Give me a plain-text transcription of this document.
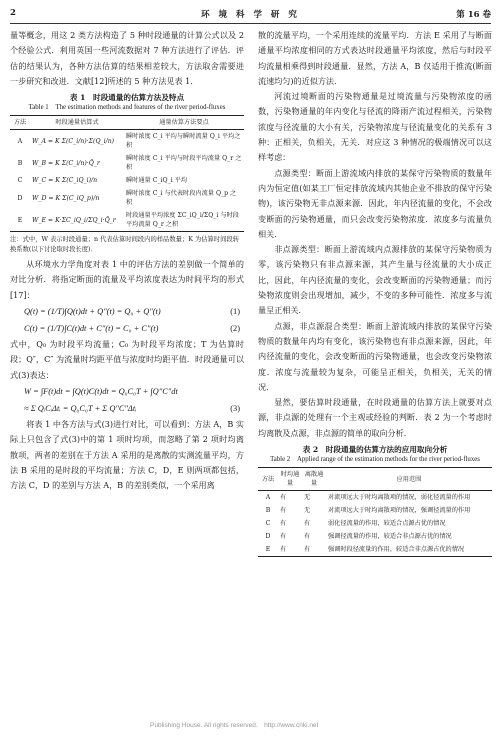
2	环 境 科 学 研 究	第 16 卷

量等概念，用这 2 类方法构造了 5 种时段通量的计算公式以及 2 个经验公式．利用英国一些河流数据对 7 种方法进行了评估．评估的结果认为，各种方法估算的结果相差较大，方法取舍需要进一步研究和改进．文献[12]所述的 5 种方法见表 1．

表 1　时段通量的估算方法及特点
Table 1　The estimation methods and features of the river period-fluxes
方法	时段通量估算式	通量估算方法要点
A	W_A = K Σ(C_i/n)·Σ(Q_i/n)	瞬时浓度 C_i 平均与瞬时流量 Q_i 平均之积
B	W_B = K Σ(C_i/n)·Q̄_r	瞬时浓度 C_i 平均与时段平均流量 Q_r 之积
C	W_C = K Σ(C_iQ_i)/n	瞬时通量 C_iQ_i 平均
D	W_D = K Σ(C_iQ_p)/n	瞬时浓度 C_i 与代表时段内流量 Q_p 之积
E	W_E = K·ΣC_iQ_i/ΣQ_i·Q̄_r	时段通量平均浓度 ΣC_iQ_i/ΣQ_i 与时段平均流量 Q_r 之积
注：式中，W 表示时段通量；n 代表估算时间段内的样品数量；K 为估算时间段转换系数(以下讨论取时段长度)．

从环境水力学角度对表 1 中的评估方法的差别做一个简单的对比分析．将指定断面的流量及平均浓度表达为时间平均的形式[17]：

Q(t) = (1/T)∫Q(t)dt + Q″(t) = Q₀ + Q″(t)	(1)
C(t) = (1/T)∫C(t)dt + C″(t) = C₀ + C″(t)	(2)

式中，Q₀ 为时段平均流量；C₀ 为时段平均浓度；T 为估算时段；Q″，C″ 为流量时均距平值与浓度时均距平值．时段通量可以式(3)表达：

W = ∫F(t)dt = ∫Q(t)C(t)dt = Q₀C₀T + ∫Q″C″dt
≈ Σ QᵢCᵢΔtᵢ = Q₀C₀T + Σ Q″C″Δtᵢ	(3)

将表 1 中各方法与式(3)进行对比，可以看到：方法 A，B 实际上只包含了式(3)中的第 1 项时均项，而忽略了第 2 项时均离散项，两者的差别在于方法 A 采用的是离散的实测流量平均，方法 B 采用的是时段的平均流量；方法 C，D，E 则两项都包括，方法 C，D 的差别与方法 A，B 的差别类似，一个采用离

散的流量平均，一个采用连续的流量平均．方法 E 采用了与断面通量平均浓度相同的方式表达时段通量平均浓度，然后与时段平均流量相乘得到时段通量．显然，方法 A，B 仅适用于推流(断面流速均匀)的近似方法．

河流过境断面的污染物通量是过境流量与污染物浓度的函数，污染物通量的年内变化与径流的降雨产流过程相关，污染物浓度与径流量的大小有关，污染物浓度与径流量变化的关系有 3 种：正相关，负相关，无关．对应这 3 种情况的极端情况可以这样考虑：

点源类型：断面上游流域内排放的某保守污染物质的数量年内为恒定值(如某工厂恒定排放流域内其他企业不排放的保守污染物)，该污染物无非点源来源．因此，年内径流量的变化，不会改变断面的污染物通量，而只会改变污染物浓度．浓度多与流量负相关．

非点源类型：断面上游流域内点源排放的某保守污染物质为零，该污染物只有非点源来源，其产生量与径流量的大小成正比，因此，年内径流量的变化，会改变断面的污染物通量；而污染物浓度则会出现增加，减少，不变的多种可能性．浓度多与流量呈正相关．

点源，非点源混合类型：断面上游流域内排放的某保守污染物质的数量年内均有变化，该污染物也有非点源来源，因此，年内径流量的变化，会改变断面的污染物通量，也会改变污染物浓度．浓度与流量较为复杂，可能呈正相关，负相关，无关的情况．

显然，要估算时段通量，在时段通量的估算方法上就要对点源，非点源的处理有一个主观或经验的判断．表 2 为一个考虑时均离散及点源，非点源的简单的取向分析．

表 2　时段通量的估算方法的应用取向分析
Table 2　Applied range of the estimation methods for the river period-fluxes
方法	时均通量	离散通量	应用范围
A	有	无	对流项远大于时均离散项的情况，弱化径流量的作用
B	有	无	对流项远大于时均离散项的情况，强调径流量的作用
C	有	有	弱化径流量的作用，较适合点源占优的情况
D	有	有	强调径流量的作用，较适合非点源占优的情况
E	有	有	强调时段径流量的作用，较适合非点源占优的情况
Publishing House. All rights reserved.　http://www.cnki.net
